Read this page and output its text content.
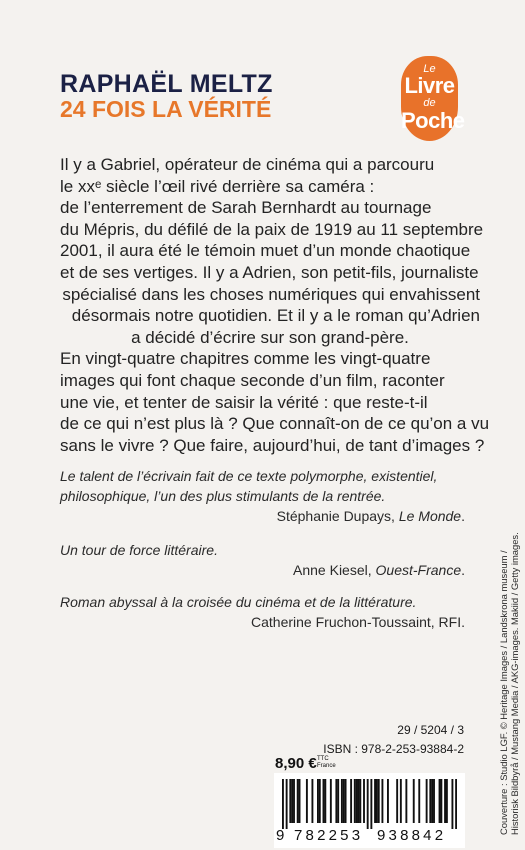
RAPHAËL MELTZ
24 FOIS LA VÉRITÉ
Le
Livre
de
Poche
Il y a Gabriel, opérateur de cinéma qui a parcouru
le xxᵉ siècle l’œil rivé derrière sa caméra :
de l’enterrement de Sarah Bernhardt au tournage
du Mépris, du défilé de la paix de 1919 au 11 septembre
2001, il aura été le témoin muet d’un monde chaotique
et de ses vertiges. Il y a Adrien, son petit-fils, journaliste
spécialisé dans les choses numériques qui envahissent
désormais notre quotidien. Et il y a le roman qu’Adrien
a décidé d’écrire sur son grand-père.
En vingt-quatre chapitres comme les vingt-quatre
images qui font chaque seconde d’un film, raconter
une vie, et tenter de saisir la vérité : que reste-t-il
de ce qui n’est plus là ? Que connaît-on de ce qu’on a vu
sans le vivre ? Que faire, aujourd’hui, de tant d’images ?
Le talent de l’écrivain fait de ce texte polymorphe, existentiel,
philosophique, l’un des plus stimulants de la rentrée.
Stéphanie Dupays, Le Monde.
Un tour de force littéraire.
Anne Kiesel, Ouest-France.
Roman abyssal à la croisée du cinéma et de la littérature.
Catherine Fruchon-Toussaint, RFI.
29 / 5204 / 3
ISBN : 978-2-253-93884-2
8,90 € TTC
France
9 782253 938842
Couverture : Studio LGF. © Heritage Images / Landskrona museum / Historisk Bildbyrå / Mustang Media / AKG-images. Makiid / Getty images.
